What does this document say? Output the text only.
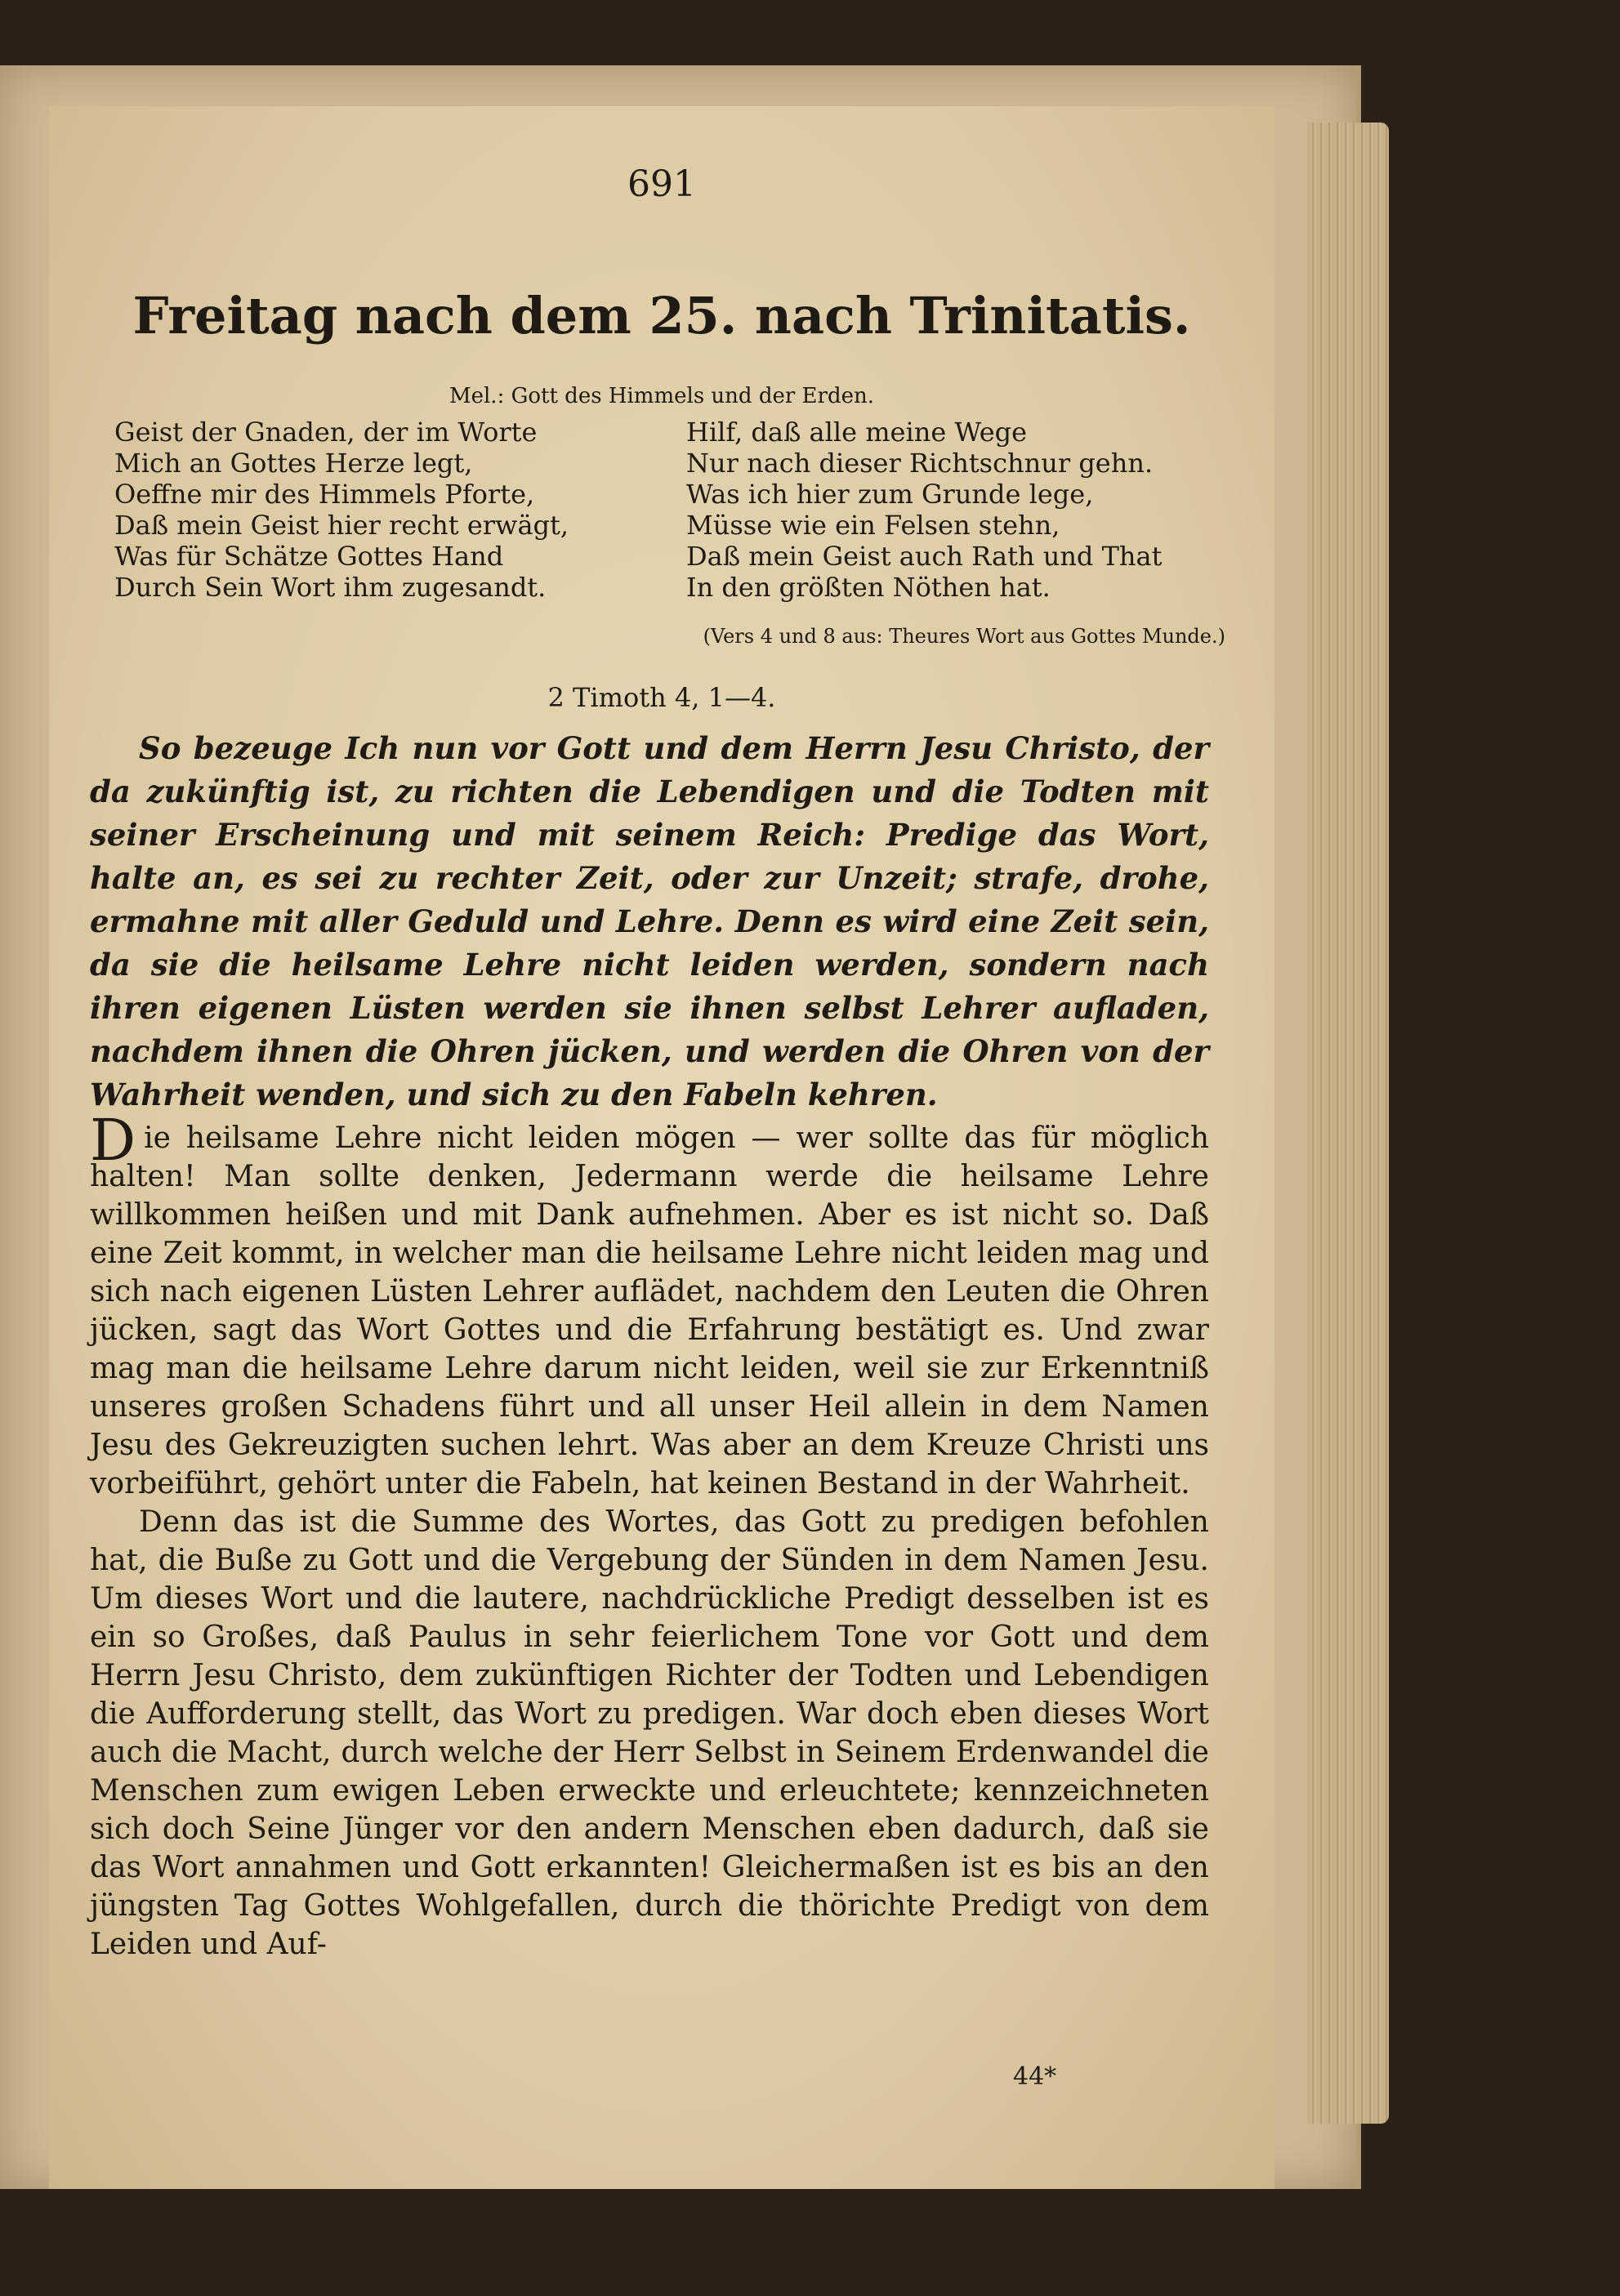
691
Freitag nach dem 25. nach Trinitatis.
Mel.: Gott des Himmels und der Erden.
Geist der Gnaden, der im Worte
Mich an Gottes Herze legt,
Oeffne mir des Himmels Pforte,
Daß mein Geist hier recht erwägt,
Was für Schätze Gottes Hand
Durch Sein Wort ihm zugesandt.
Hilf, daß alle meine Wege
Nur nach dieser Richtschnur gehn.
Was ich hier zum Grunde lege,
Müsse wie ein Felsen stehn,
Daß mein Geist auch Rath und That
In den größten Nöthen hat.
(Vers 4 und 8 aus: Theures Wort aus Gottes Munde.)
2 Timoth 4, 1—4.
So bezeuge Ich nun vor Gott und dem Herrn Jesu Christo, der da zukünftig ist, zu richten die Lebendigen und die Todten mit seiner Erscheinung und mit seinem Reich: Predige das Wort, halte an, es sei zu rechter Zeit, oder zur Unzeit; strafe, drohe, ermahne mit aller Geduld und Lehre. Denn es wird eine Zeit sein, da sie die heilsame Lehre nicht leiden werden, sondern nach ihren eigenen Lüsten werden sie ihnen selbst Lehrer aufladen, nachdem ihnen die Ohren jücken, und werden die Ohren von der Wahrheit wenden, und sich zu den Fabeln kehren.

Die heilsame Lehre nicht leiden mögen — wer sollte das für möglich halten! Man sollte denken, Jedermann werde die heilsame Lehre willkommen heißen und mit Dank aufnehmen. Aber es ist nicht so. Daß eine Zeit kommt, in welcher man die heilsame Lehre nicht leiden mag und sich nach eigenen Lüsten Lehrer auflädet, nachdem den Leuten die Ohren jücken, sagt das Wort Gottes und die Erfahrung bestätigt es. Und zwar mag man die heilsame Lehre darum nicht leiden, weil sie zur Erkenntniß unseres großen Schadens führt und all unser Heil allein in dem Namen Jesu des Gekreuzigten suchen lehrt. Was aber an dem Kreuze Christi uns vorbeiführt, gehört unter die Fabeln, hat keinen Bestand in der Wahrheit.

Denn das ist die Summe des Wortes, das Gott zu predigen befohlen hat, die Buße zu Gott und die Vergebung der Sünden in dem Namen Jesu. Um dieses Wort und die lautere, nachdrückliche Predigt desselben ist es ein so Großes, daß Paulus in sehr feierlichem Tone vor Gott und dem Herrn Jesu Christo, dem zukünftigen Richter der Todten und Lebendigen die Aufforderung stellt, das Wort zu predigen. War doch eben dieses Wort auch die Macht, durch welche der Herr Selbst in Seinem Erdenwandel die Menschen zum ewigen Leben erweckte und erleuchtete; kennzeichneten sich doch Seine Jünger vor den andern Menschen eben dadurch, daß sie das Wort annahmen und Gott erkannten! Gleichermaßen ist es bis an den jüngsten Tag Gottes Wohlgefallen, durch die thörichte Predigt von dem Leiden und Auf-

44*
